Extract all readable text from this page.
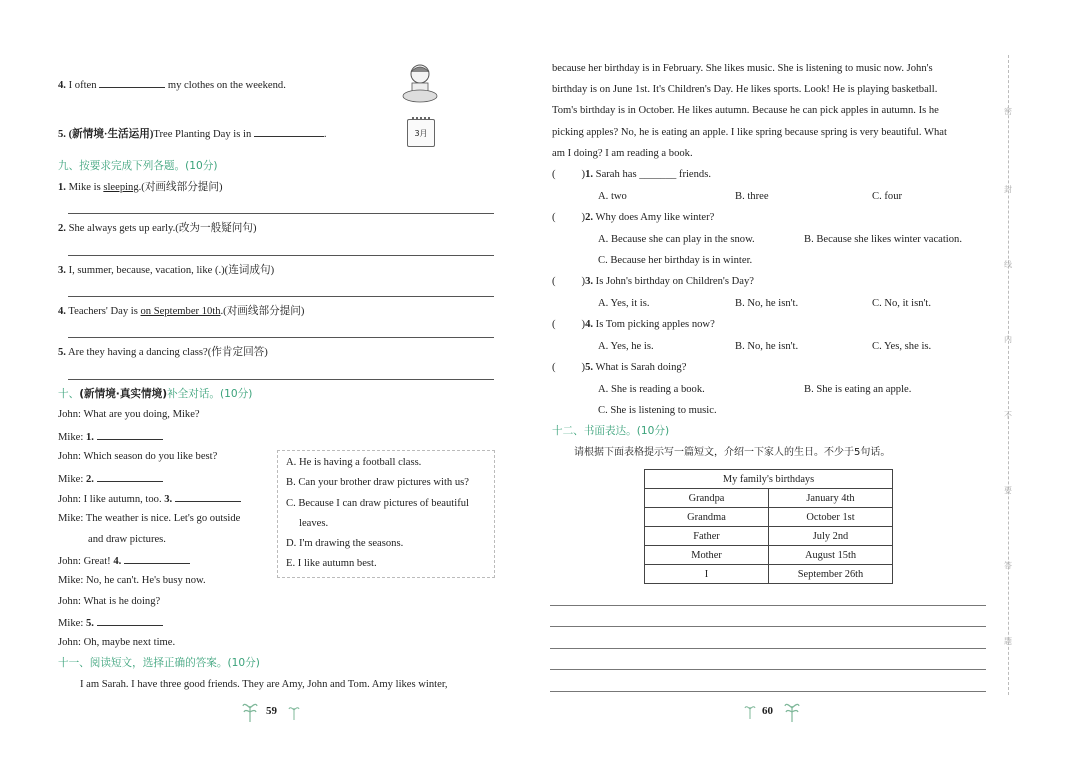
4. I often	my clothes on the weekend.
5. (新情境·生活运用)Tree Planting Day is in	.	3月
九、按要求完成下列各题。(10分)
1. Mike is sleeping.(对画线部分提问)
2. She always gets up early.(改为一般疑问句)
3. I, summer, because, vacation, like (.)(连词成句)
4. Teachers' Day is on September 10th.(对画线部分提问)
5. Are they having a dancing class?(作肯定回答)
十、(新情境·真实情境)补全对话。(10分)
John: What are you doing, Mike?
Mike: 1.
John: Which season do you like best?
Mike: 2.
John: I like autumn, too. 3.
Mike: The weather is nice. Let's go outside
and draw pictures.
John: Great! 4.
Mike: No, he can't. He's busy now.
John: What is he doing?
Mike: 5.
John: Oh, maybe next time.
A. He is having a football class.
B. Can your brother draw pictures with us?
C. Because I can draw pictures of beautiful
leaves.
D. I'm drawing the seasons.
E. I like autumn best.
十一、阅读短文，选择正确的答案。(10分)
I am Sarah. I have three good friends. They are Amy, John and Tom. Amy likes winter,
59
because her birthday is in February. She likes music. She is listening to music now. John's
birthday is on June 1st. It's Children's Day. He likes sports. Look! He is playing basketball.
Tom's birthday is in October. He likes autumn. Because he can pick apples in autumn. Is he
picking apples? No, he is eating an apple. I like spring because spring is very beautiful. What
am I doing? I am reading a book.
( )1. Sarah has _______ friends.
A. two	B. three	C. four
( )2. Why does Amy like winter?
A. Because she can play in the snow.	B. Because she likes winter vacation.
C. Because her birthday is in winter.
( )3. Is John's birthday on Children's Day?
A. Yes, it is.	B. No, he isn't.	C. No, it isn't.
( )4. Is Tom picking apples now?
A. Yes, he is.	B. No, he isn't.	C. Yes, she is.
( )5. What is Sarah doing?
A. She is reading a book.	B. She is eating an apple.
C. She is listening to music.
十二、书面表达。(10分)
请根据下面表格提示写一篇短文，介绍一下家人的生日。不少于5句话。
My family's birthdays	
Grandpa	January 4th
Grandma	October 1st
Father	July 2nd
Mother	August 15th
I	September 26th
60
密
封
线
内
不
要
答
题
